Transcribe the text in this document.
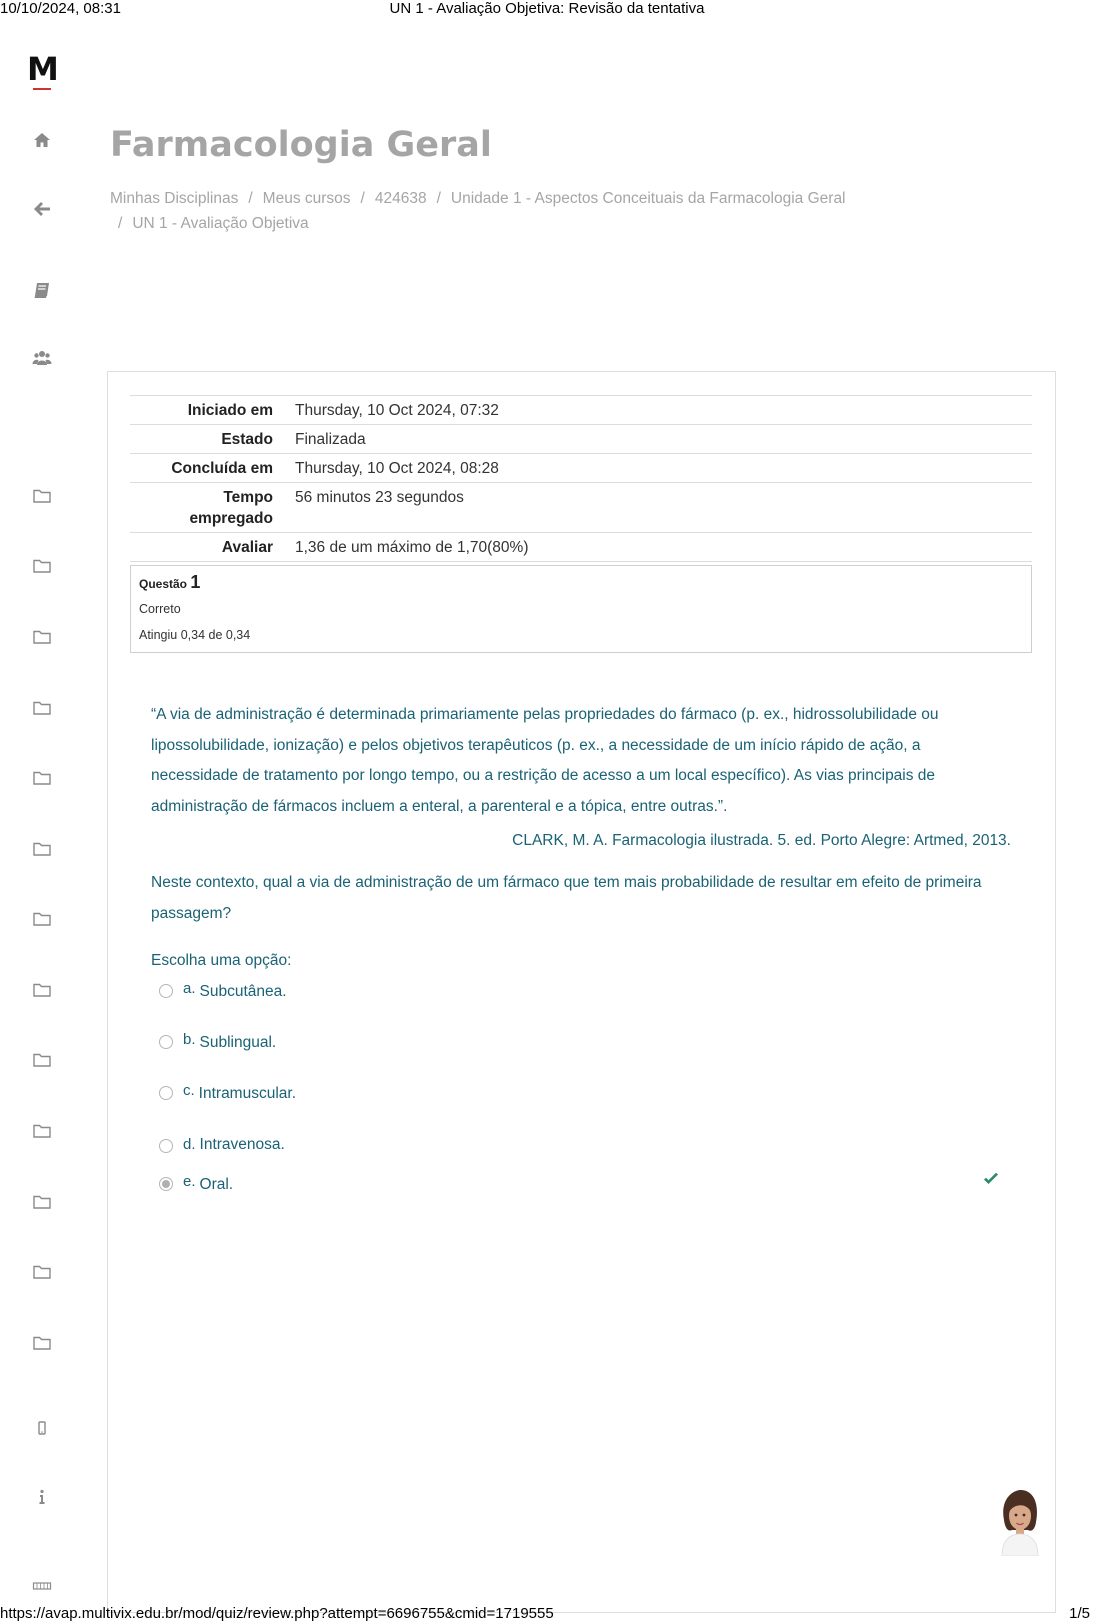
10/10/2024, 08:31	UN 1 - Avaliação Objetiva: Revisão da tentativa
M
Farmacologia Geral
Minhas Disciplinas / Meus cursos / 424638 / Unidade 1 - Aspectos Conceituais da Farmacologia Geral
/ UN 1 - Avaliação Objetiva
Iniciado em	Thursday, 10 Oct 2024, 07:32
Estado	Finalizada
Concluída em	Thursday, 10 Oct 2024, 08:28
Tempo empregado	56 minutos 23 segundos
Avaliar	1,36 de um máximo de 1,70(80%)
Questão 1
Correto
Atingiu 0,34 de 0,34

“A via de administração é determinada primariamente pelas propriedades do fármaco (p. ex., hidrossolubilidade ou lipossolubilidade, ionização) e pelos objetivos terapêuticos (p. ex., a necessidade de um início rápido de ação, a necessidade de tratamento por longo tempo, ou a restrição de acesso a um local específico). As vias principais de administração de fármacos incluem a enteral, a parenteral e a tópica, entre outras.”.

CLARK, M. A. Farmacologia ilustrada. 5. ed. Porto Alegre: Artmed, 2013.

Neste contexto, qual a via de administração de um fármaco que tem mais probabilidade de resultar em efeito de primeira passagem?

Escolha uma opção:
a. Subcutânea.
b. Sublingual.
c. Intramuscular.
d. Intravenosa.
e. Oral.
https://avap.multivix.edu.br/mod/quiz/review.php?attempt=6696755&cmid=1719555	1/5
